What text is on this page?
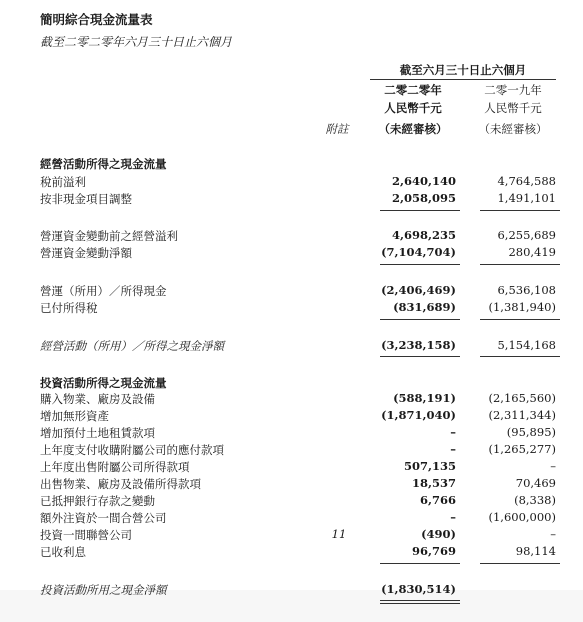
簡明綜合現金流量表
截至二零二零年六月三十日止六個月
截至六月三十日止六個月
二零二零年	二零一九年
人民幣千元	人民幣千元
附註	（未經審核）	（未經審核）
經營活動所得之現金流量
稅前溢利	2,640,140	4,764,588
按非現金項目調整	2,058,095	1,491,101
營運資金變動前之經營溢利	4,698,235	6,255,689
營運資金變動淨額	(7,104,704)	280,419
營運（所用）／所得現金	(2,406,469)	6,536,108
已付所得稅	(831,689)	(1,381,940)
經營活動（所用）／所得之現金淨額	(3,238,158)	5,154,168
投資活動所得之現金流量
購入物業、廠房及設備	(588,191)	(2,165,560)
增加無形資產	(1,871,040)	(2,311,344)
增加預付土地租賃款項	–	(95,895)
上年度支付收購附屬公司的應付款項	–	(1,265,277)
上年度出售附屬公司所得款項	507,135	–
出售物業、廠房及設備所得款項	18,537	70,469
已抵押銀行存款之變動	6,766	(8,338)
額外注資於一間合營公司	–	(1,600,000)
投資一間聯營公司	11	(490)	–
已收利息	96,769	98,114
投資活動所用之現金淨額	(1,830,514)
